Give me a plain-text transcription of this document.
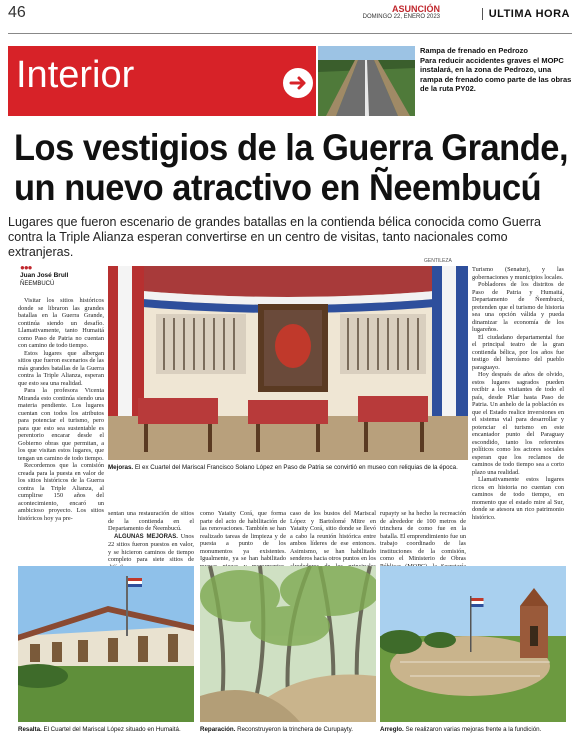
46	ASUNCIÓN
DOMINGO 22, ENERO 2023	ULTIMA HORA
Interior
Rampa de frenado en Pedrozo
Para reducir accidentes graves el MOPC instalará, en la zona de Pedrozo, una rampa de frenado como parte de las obras de la ruta PY02.
Los vestigios de la Guerra Grande,
un nuevo atractivo en Ñeembucú
Lugares que fueron escenario de grandes batallas en la contienda bélica conocida como Guerra contra la Triple Alianza esperan convertirse en un centro de visitas, tanto nacionales como extranjeras.
●●●
Juan José Brull
ÑEEMBUCÚ

Visitar los sitios históricos donde se libraron las grandes batallas en la Guerra Grande, continúa siendo un desafío. Llamativamente, tanto Humaitá como Paso de Patria no cuentan con camino de todo tiempo.

Estos lugares que albergan sitios que fueron escenarios de las más grandes batallas de la Guerra contra la Triple Alianza, esperan que esto sea una realidad.

Para la profesora Vicenta Miranda esto continúa siendo una materia pendiente. Los lugares cuentan con todos los atributos para potenciar el turismo, pero para que esto sea sustentable es perentorio encarar desde el Gobierno obras que permitan, a los que visitan estos lugares, que tengan un camino de todo tiempo.

Recordemos que la comisión creada para la puesta en valor de los sitios históricos de la Guerra contra la Triple Alianza, al cumplirse 150 años del acontecimiento, encaró un ambicioso proyecto. Los sitios históricos hoy ya pre-

GENTILEZA
Mejoras. El ex Cuartel del Mariscal Francisco Solano López en Paso de Patria se convirtió en museo con reliquias de la época.

sentan una restauración de sitios de la contienda en el Departamento de Ñeembucú.

ALGUNAS MEJORAS. Unos 22 sitios fueron puestos en valor, y se hicieron caminos de tiempo completo para siete sitios de

como Yataity Corá, que forma parte del acto de habilitación de las renovaciones. También se han realizado tareas de limpieza y de puesta a punto de los monumentos ya existentes. Igualmente, ya se han habilitado

caso de los bustos del Mariscal López y Bartolomé Mitre en Yataity Corá, sitio donde se llevó a cabo la reunión histórica entre ambos líderes de ese entonces. Asimismo, se han habilitado senderos hacia otros puntos en los

rupayty se ha hecho la recreación de alrededor de 100 metros de trinchera de como fue en la batalla. El emprendimiento fue un trabajo coordinado de las instituciones de la comisión, como el Ministerio de Obras

Turismo (Senatur), y las gobernaciones y municipios locales.

Pobladores de los distritos de Paso de Patria y Humaitá, Departamento de Ñeembucú, pretenden que el turismo de historia sea una opción válida y pueda dinamizar la economía de los lugareños.

El ciudadano departamental fue el principal teatro de la gran contienda bélica, por los años fue testigo del heroísmo del pueblo paraguayo.

Hoy después de años de olvido, estos lugares sagrados pueden recibir a los visitantes de todo el país, desde Pilar hasta Paso de Patria. Un anhelo de la población es que el Estado realice inversiones en el sistema vial para desarrollar y potenciar el turismo en este encantador punto del Paraguay escondido, tanto los referentes políticos como los actores sociales esperan que los reclamos de caminos de todo tiempo sea a corto plazo una realidad.

Llamativamente estos lugares ricos en historia no cuentan con caminos de todo tiempo, en momento que el estado mire al Sur, donde se atesora un rico patrimonio histórico.

Resalta. El Cuartel del Mariscal López situado en Humaitá.	Reparación. Reconstruyeron la trinchera de Curupayty.	Arreglo. Se realizaron varias mejoras frente a la fundición.
